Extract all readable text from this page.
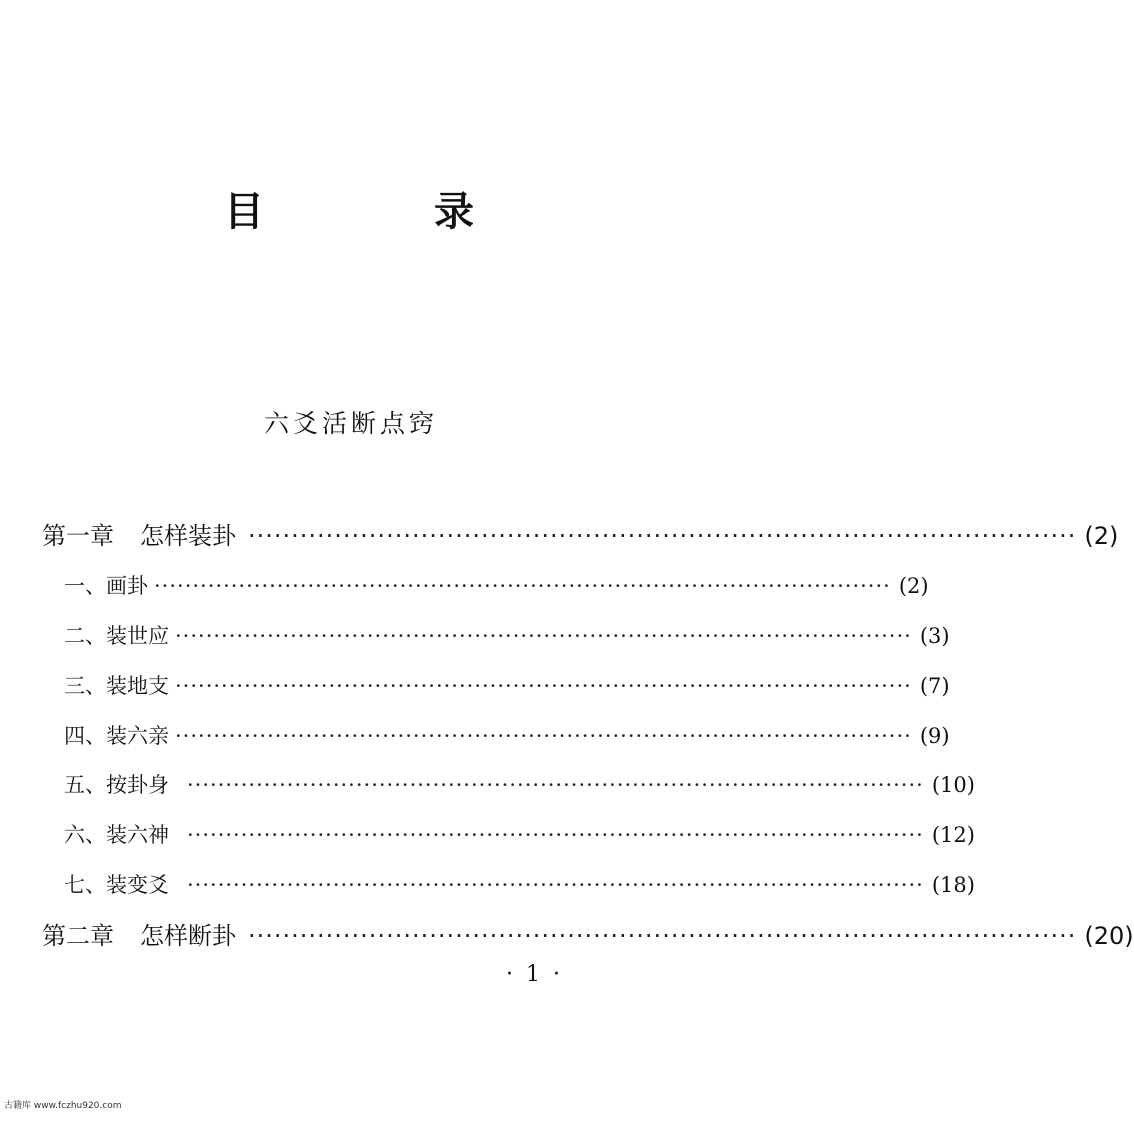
目 录
六爻活断点窍
第一章 怎样装卦 ································································································ (2)
一、 画卦 ································································································ (2)
二、 装世应 ································································································ (3)
三、 装地支 ································································································ (7)
四、 装六亲 ································································································ (9)
五、 按卦身 ································································································ (10)
六、 装六神 ································································································ (12)
七、 装变爻 ································································································ (18)
第二章 怎样断卦 ································································································ (20)
· 1 ·
古籍库 www.fczhu920.com
